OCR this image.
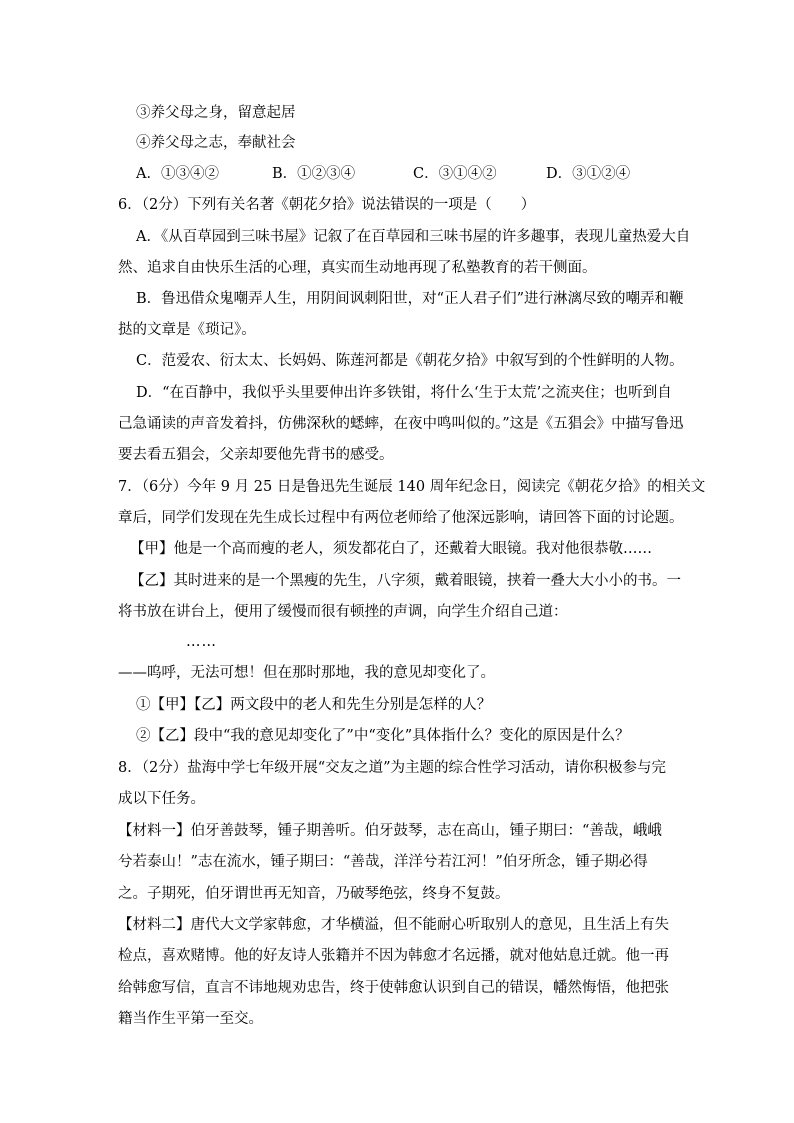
③养父母之身，留意起居
④养父母之志，奉献社会
A．①③④②	B．①②③④	C．③①④②	D．③①②④
6．（2分）下列有关名著《朝花夕拾》说法错误的一项是（　　）
A．《从百草园到三味书屋》记叙了在百草园和三味书屋的许多趣事，表现儿童热爱大自
然、追求自由快乐生活的心理，真实而生动地再现了私塾教育的若干侧面。
B．鲁迅借众鬼嘲弄人生，用阴间讽刺阳世，对“正人君子们”进行淋漓尽致的嘲弄和鞭
挞的文章是《琐记》。
C．范爱农、衍太太、长妈妈、陈莲河都是《朝花夕拾》中叙写到的个性鲜明的人物。
D．“在百静中，我似乎头里要伸出许多铁钳，将什么‘生于太荒’之流夹住；也听到自
己急诵读的声音发着抖，仿佛深秋的蟋蟀，在夜中鸣叫似的。”这是《五猖会》中描写鲁迅
要去看五猖会，父亲却要他先背书的感受。
7．（6分）今年 9 月 25 日是鲁迅先生诞辰 140 周年纪念日，阅读完《朝花夕拾》的相关文
章后，同学们发现在先生成长过程中有两位老师给了他深远影响，请回答下面的讨论题。
【甲】他是一个高而瘦的老人，须发都花白了，还戴着大眼镜。我对他很恭敬……
【乙】其时进来的是一个黑瘦的先生，八字须，戴着眼镜，挟着一叠大大小小的书。一
将书放在讲台上，便用了缓慢而很有顿挫的声调，向学生介绍自己道：
……
——呜呼，无法可想！但在那时那地，我的意见却变化了。
①【甲】【乙】两文段中的老人和先生分别是怎样的人？
②【乙】段中“我的意见却变化了”中“变化”具体指什么？变化的原因是什么？
8．（2分）盐海中学七年级开展“交友之道”为主题的综合性学习活动，请你积极参与完
成以下任务。
【材料一】伯牙善鼓琴，锺子期善听。伯牙鼓琴，志在高山，锺子期曰：“善哉，峨峨
兮若泰山！”志在流水，锺子期曰：“善哉，洋洋兮若江河！”伯牙所念，锺子期必得
之。子期死，伯牙谓世再无知音，乃破琴绝弦，终身不复鼓。
【材料二】唐代大文学家韩愈，才华横溢，但不能耐心听取别人的意见，且生活上有失
检点，喜欢赌博。他的好友诗人张籍并不因为韩愈才名远播，就对他姑息迁就。他一再
给韩愈写信，直言不讳地规劝忠告，终于使韩愈认识到自己的错误，幡然悔悟，他把张
籍当作生平第一至交。
